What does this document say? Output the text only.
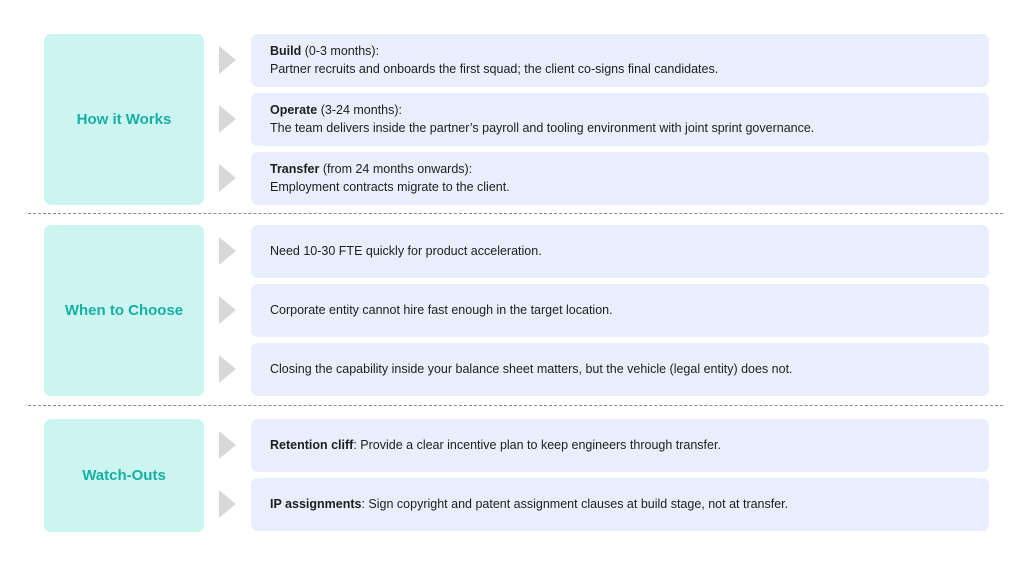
How it Works
Build (0-3 months):
Partner recruits and onboards the first squad; the client co-signs final candidates.
Operate (3-24 months):
The team delivers inside the partner’s payroll and tooling environment with joint sprint governance.
Transfer (from 24 months onwards):
Employment contracts migrate to the client.
When to Choose
Need 10-30 FTE quickly for product acceleration.
Corporate entity cannot hire fast enough in the target location.
Closing the capability inside your balance sheet matters, but the vehicle (legal entity) does not.
Watch-Outs
Retention cliff: Provide a clear incentive plan to keep engineers through transfer.
IP assignments: Sign copyright and patent assignment clauses at build stage, not at transfer.
